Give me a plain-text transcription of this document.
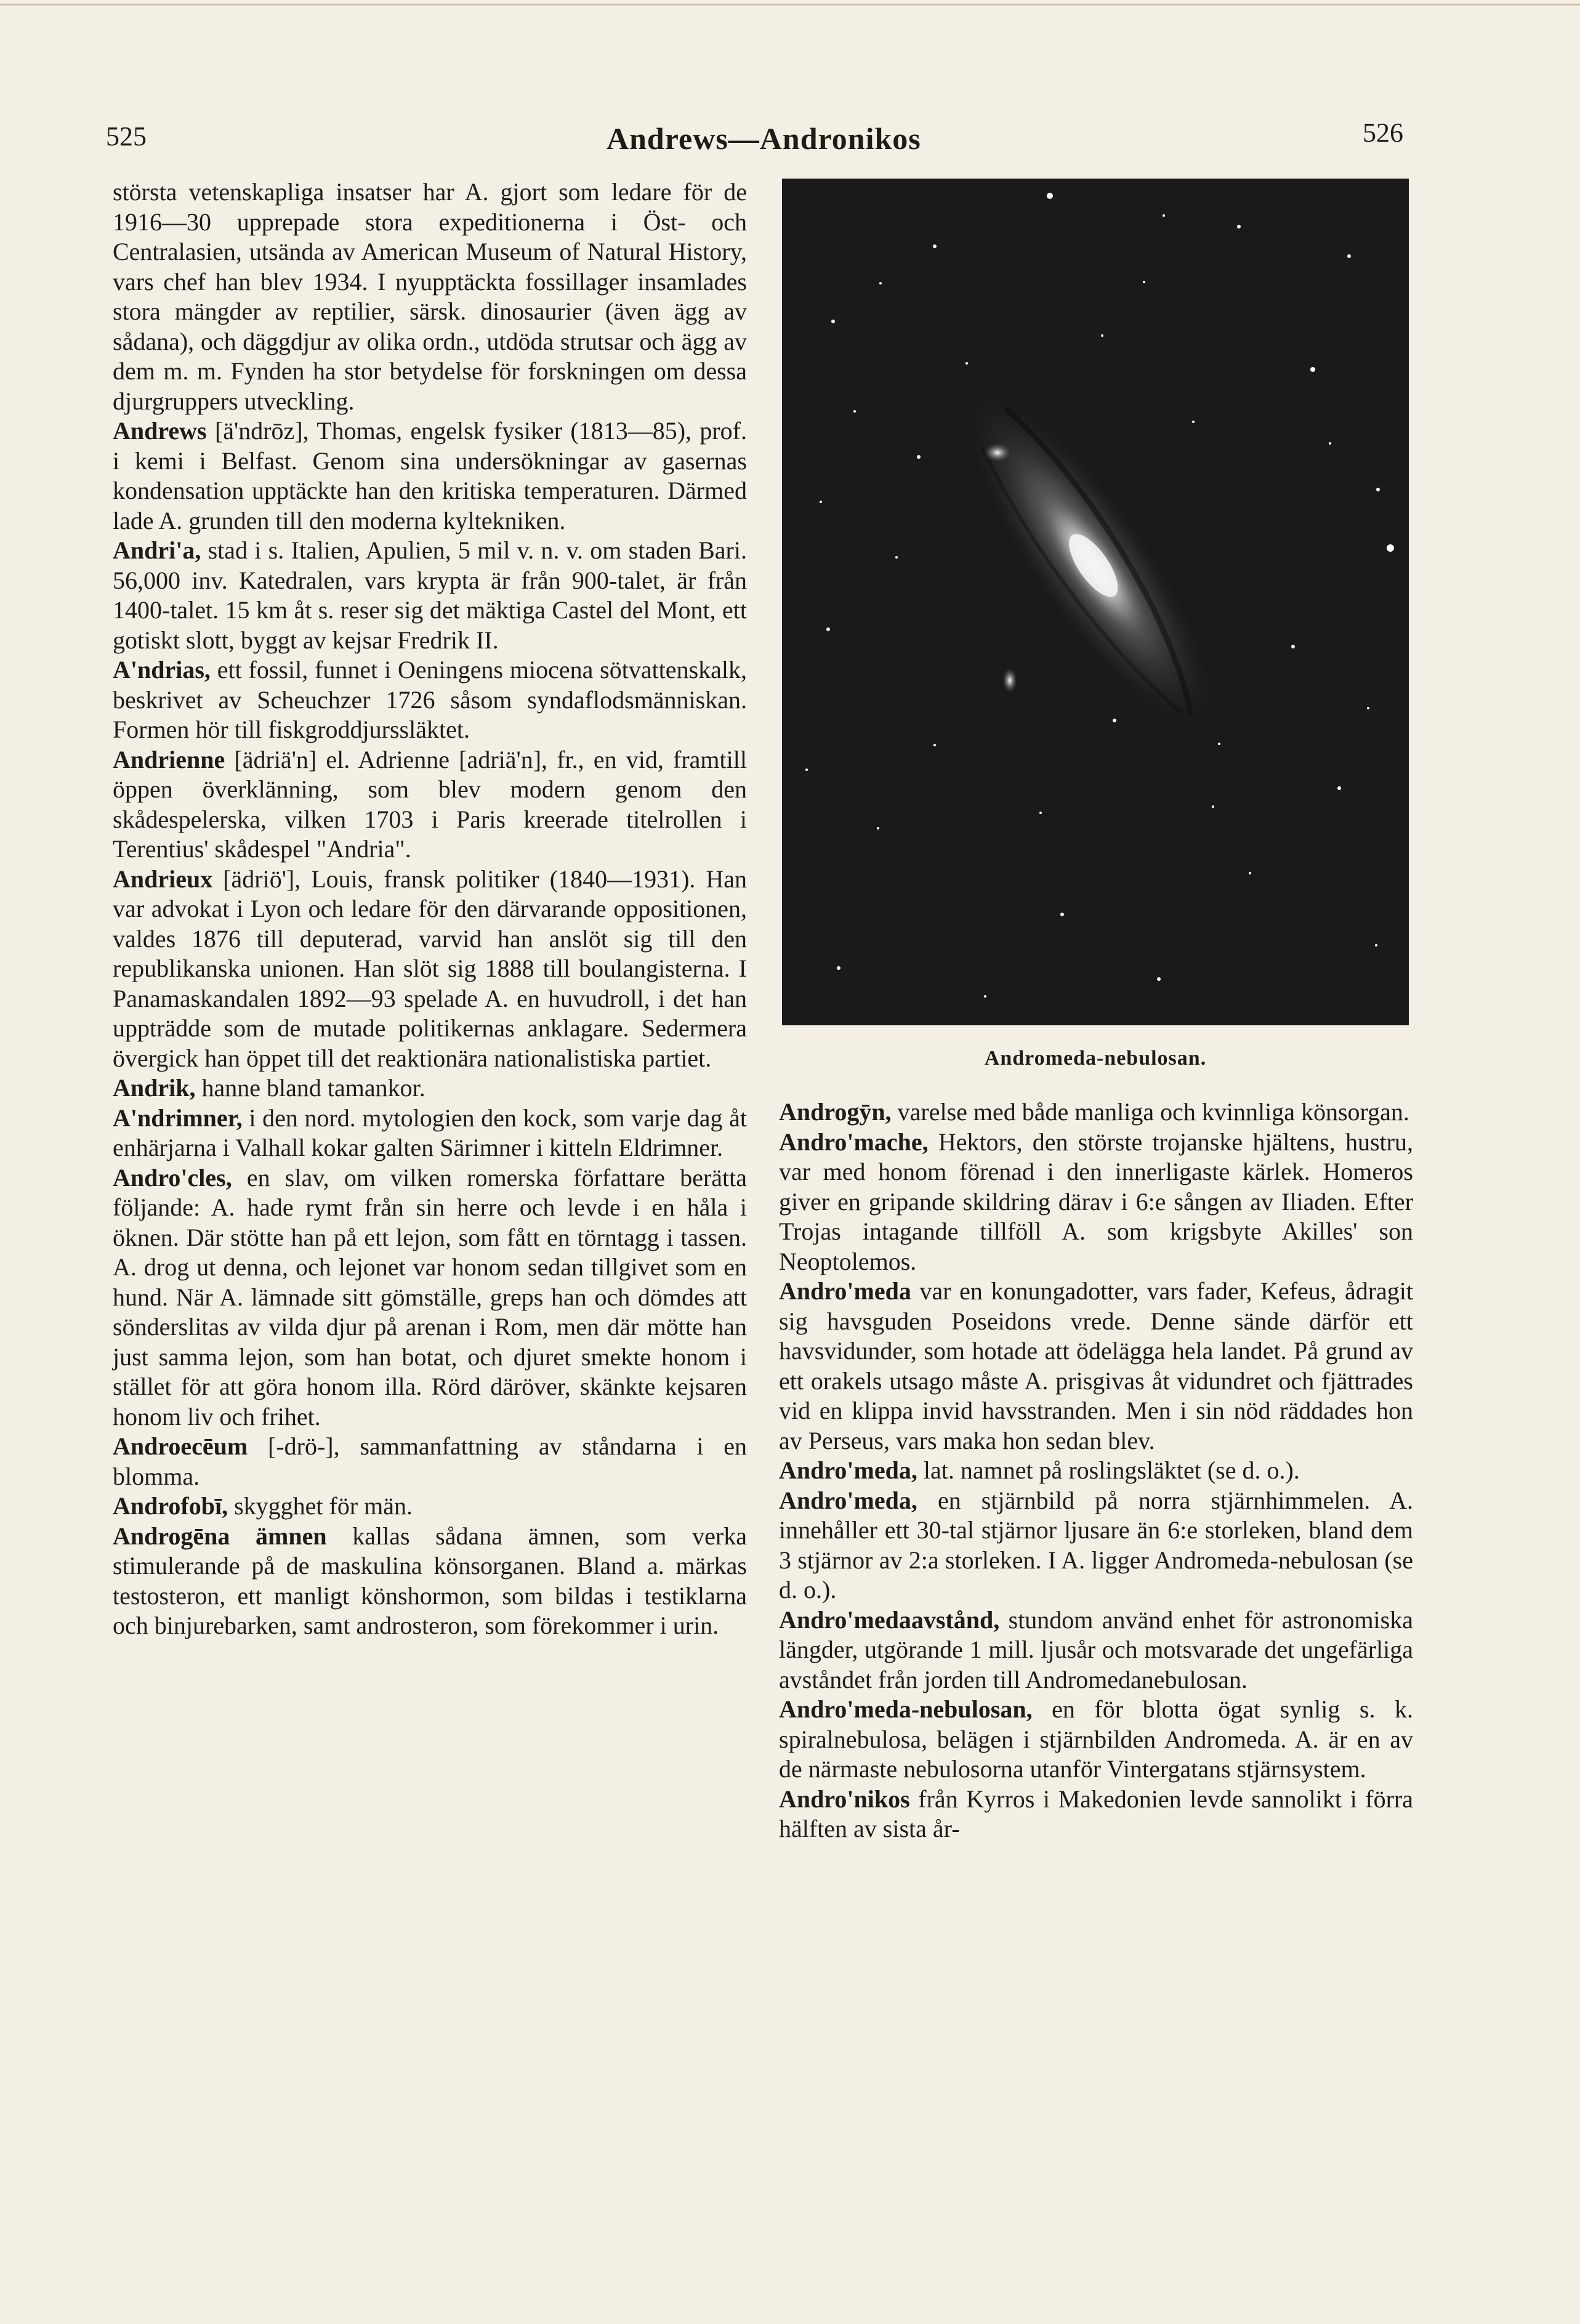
525	Andrews—Andronikos	526

största vetenskapliga insatser har A. gjort som ledare för de 1916—30 upprepade stora expeditionerna i Öst- och Centralasien, utsända av American Museum of Natural History, vars chef han blev 1934. I nyupptäckta fossillager insamlades stora mängder av reptilier, särsk. dinosaurier (även ägg av sådana), och däggdjur av olika ordn., utdöda strutsar och ägg av dem m. m. Fynden ha stor betydelse för forskningen om dessa djurgruppers utveckling.

Andrews [ä'ndrōz], Thomas, engelsk fysiker (1813—85), prof. i kemi i Belfast. Genom sina undersökningar av gasernas kondensation upptäckte han den kritiska temperaturen. Därmed lade A. grunden till den moderna kyltekniken.

Andri'a, stad i s. Italien, Apulien, 5 mil v. n. v. om staden Bari. 56,000 inv. Katedralen, vars krypta är från 900-talet, är från 1400-talet. 15 km åt s. reser sig det mäktiga Castel del Mont, ett gotiskt slott, byggt av kejsar Fredrik II.

A'ndrias, ett fossil, funnet i Oeningens miocena sötvattenskalk, beskrivet av Scheuchzer 1726 såsom syndaflodsmänniskan. Formen hör till fiskgroddjurssläktet.

Andrienne [ädriä'n] el. Adrienne [adriä'n], fr., en vid, framtill öppen överklänning, som blev modern genom den skådespelerska, vilken 1703 i Paris kreerade titelrollen i Terentius' skådespel "Andria".

Andrieux [ädriö'], Louis, fransk politiker (1840—1931). Han var advokat i Lyon och ledare för den därvarande oppositionen, valdes 1876 till deputerad, varvid han anslöt sig till den republikanska unionen. Han slöt sig 1888 till boulangisterna. I Panamaskandalen 1892—93 spelade A. en huvudroll, i det han uppträdde som de mutade politikernas anklagare. Sedermera övergick han öppet till det reaktionära nationalistiska partiet.

Andrik, hanne bland tamankor.

A'ndrimner, i den nord. mytologien den kock, som varje dag åt enhärjarna i Valhall kokar galten Särimner i kitteln Eldrimner.

Andro'cles, en slav, om vilken romerska författare berätta följande: A. hade rymt från sin herre och levde i en håla i öknen. Där stötte han på ett lejon, som fått en törntagg i tassen. A. drog ut denna, och lejonet var honom sedan tillgivet som en hund. När A. lämnade sitt gömställe, greps han och dömdes att sönderslitas av vilda djur på arenan i Rom, men där mötte han just samma lejon, som han botat, och djuret smekte honom i stället för att göra honom illa. Rörd däröver, skänkte kejsaren honom liv och frihet.

Androecēum [-drö-], sammanfattning av ståndarna i en blomma.

Androfobī, skygghet för män.

Androgēna ämnen kallas sådana ämnen, som verka stimulerande på de maskulina könsorganen. Bland a. märkas testosteron, ett manligt könshormon, som bildas i testiklarna och binjurebarken, samt androsteron, som förekommer i urin.

Andromeda-nebulosan.

Androgȳn, varelse med både manliga och kvinnliga könsorgan.

Andro'mache, Hektors, den störste trojanske hjältens, hustru, var med honom förenad i den innerligaste kärlek. Homeros giver en gripande skildring därav i 6:e sången av Iliaden. Efter Trojas intagande tillföll A. som krigsbyte Akilles' son Neoptolemos.

Andro'meda var en konungadotter, vars fader, Kefeus, ådragit sig havsguden Poseidons vrede. Denne sände därför ett havsvidunder, som hotade att ödelägga hela landet. På grund av ett orakels utsago måste A. prisgivas åt vidundret och fjättrades vid en klippa invid havsstranden. Men i sin nöd räddades hon av Perseus, vars maka hon sedan blev.

Andro'meda, lat. namnet på roslingsläktet (se d. o.).

Andro'meda, en stjärnbild på norra stjärnhimmelen. A. innehåller ett 30-tal stjärnor ljusare än 6:e storleken, bland dem 3 stjärnor av 2:a storleken. I A. ligger Andromeda-nebulosan (se d. o.).

Andro'medaavstånd, stundom använd enhet för astronomiska längder, utgörande 1 mill. ljusår och motsvarade det ungefärliga avståndet från jorden till Andromedanebulosan.

Andro'meda-nebulosan, en för blotta ögat synlig s. k. spiralnebulosa, belägen i stjärnbilden Andromeda. A. är en av de närmaste nebulosorna utanför Vintergatans stjärnsystem.

Andro'nikos från Kyrros i Makedonien levde sannolikt i förra hälften av sista år-
